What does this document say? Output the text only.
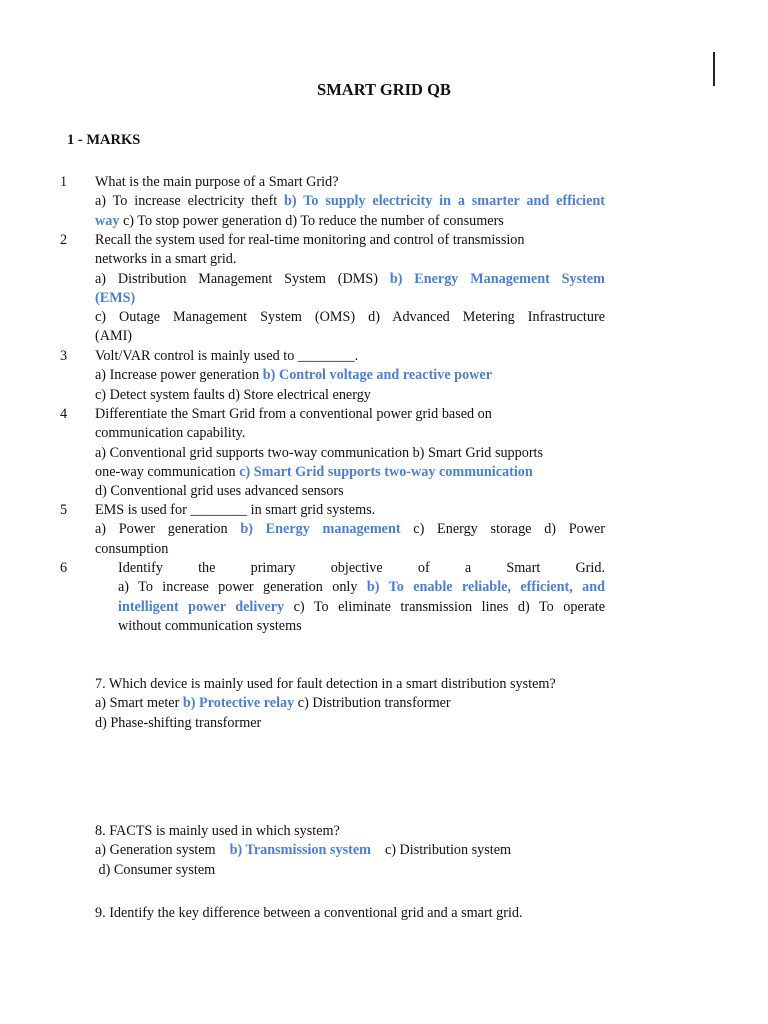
SMART GRID QB
1 - MARKS
1 What is the main purpose of a Smart Grid?
a) To increase electricity theft b) To supply electricity in a smarter and efficient
way c) To stop power generation d) To reduce the number of consumers
2 Recall the system used for real-time monitoring and control of transmission
networks in a smart grid.
a) Distribution Management System (DMS) b) Energy Management System
(EMS)
c) Outage Management System (OMS) d) Advanced Metering Infrastructure
(AMI)
3 Volt/VAR control is mainly used to ________.
a) Increase power generation b) Control voltage and reactive power
c) Detect system faults d) Store electrical energy
4 Differentiate the Smart Grid from a conventional power grid based on
communication capability.
a) Conventional grid supports two-way communication b) Smart Grid supports
one-way communication c) Smart Grid supports two-way communication
d) Conventional grid uses advanced sensors
5 EMS is used for ________ in smart grid systems.
a) Power generation b) Energy management c) Energy storage d) Power
consumption
6	Identify the primary objective of a Smart Grid.
a) To increase power generation only b) To enable reliable, efficient, and
intelligent power delivery c) To eliminate transmission lines d) To operate
without communication systems
7. Which device is mainly used for fault detection in a smart distribution system?
a) Smart meter b) Protective relay c) Distribution transformer
d) Phase-shifting transformer
8. FACTS is mainly used in which system?
a) Generation system b) Transmission system c) Distribution system
d) Consumer system
9. Identify the key difference between a conventional grid and a smart grid.
